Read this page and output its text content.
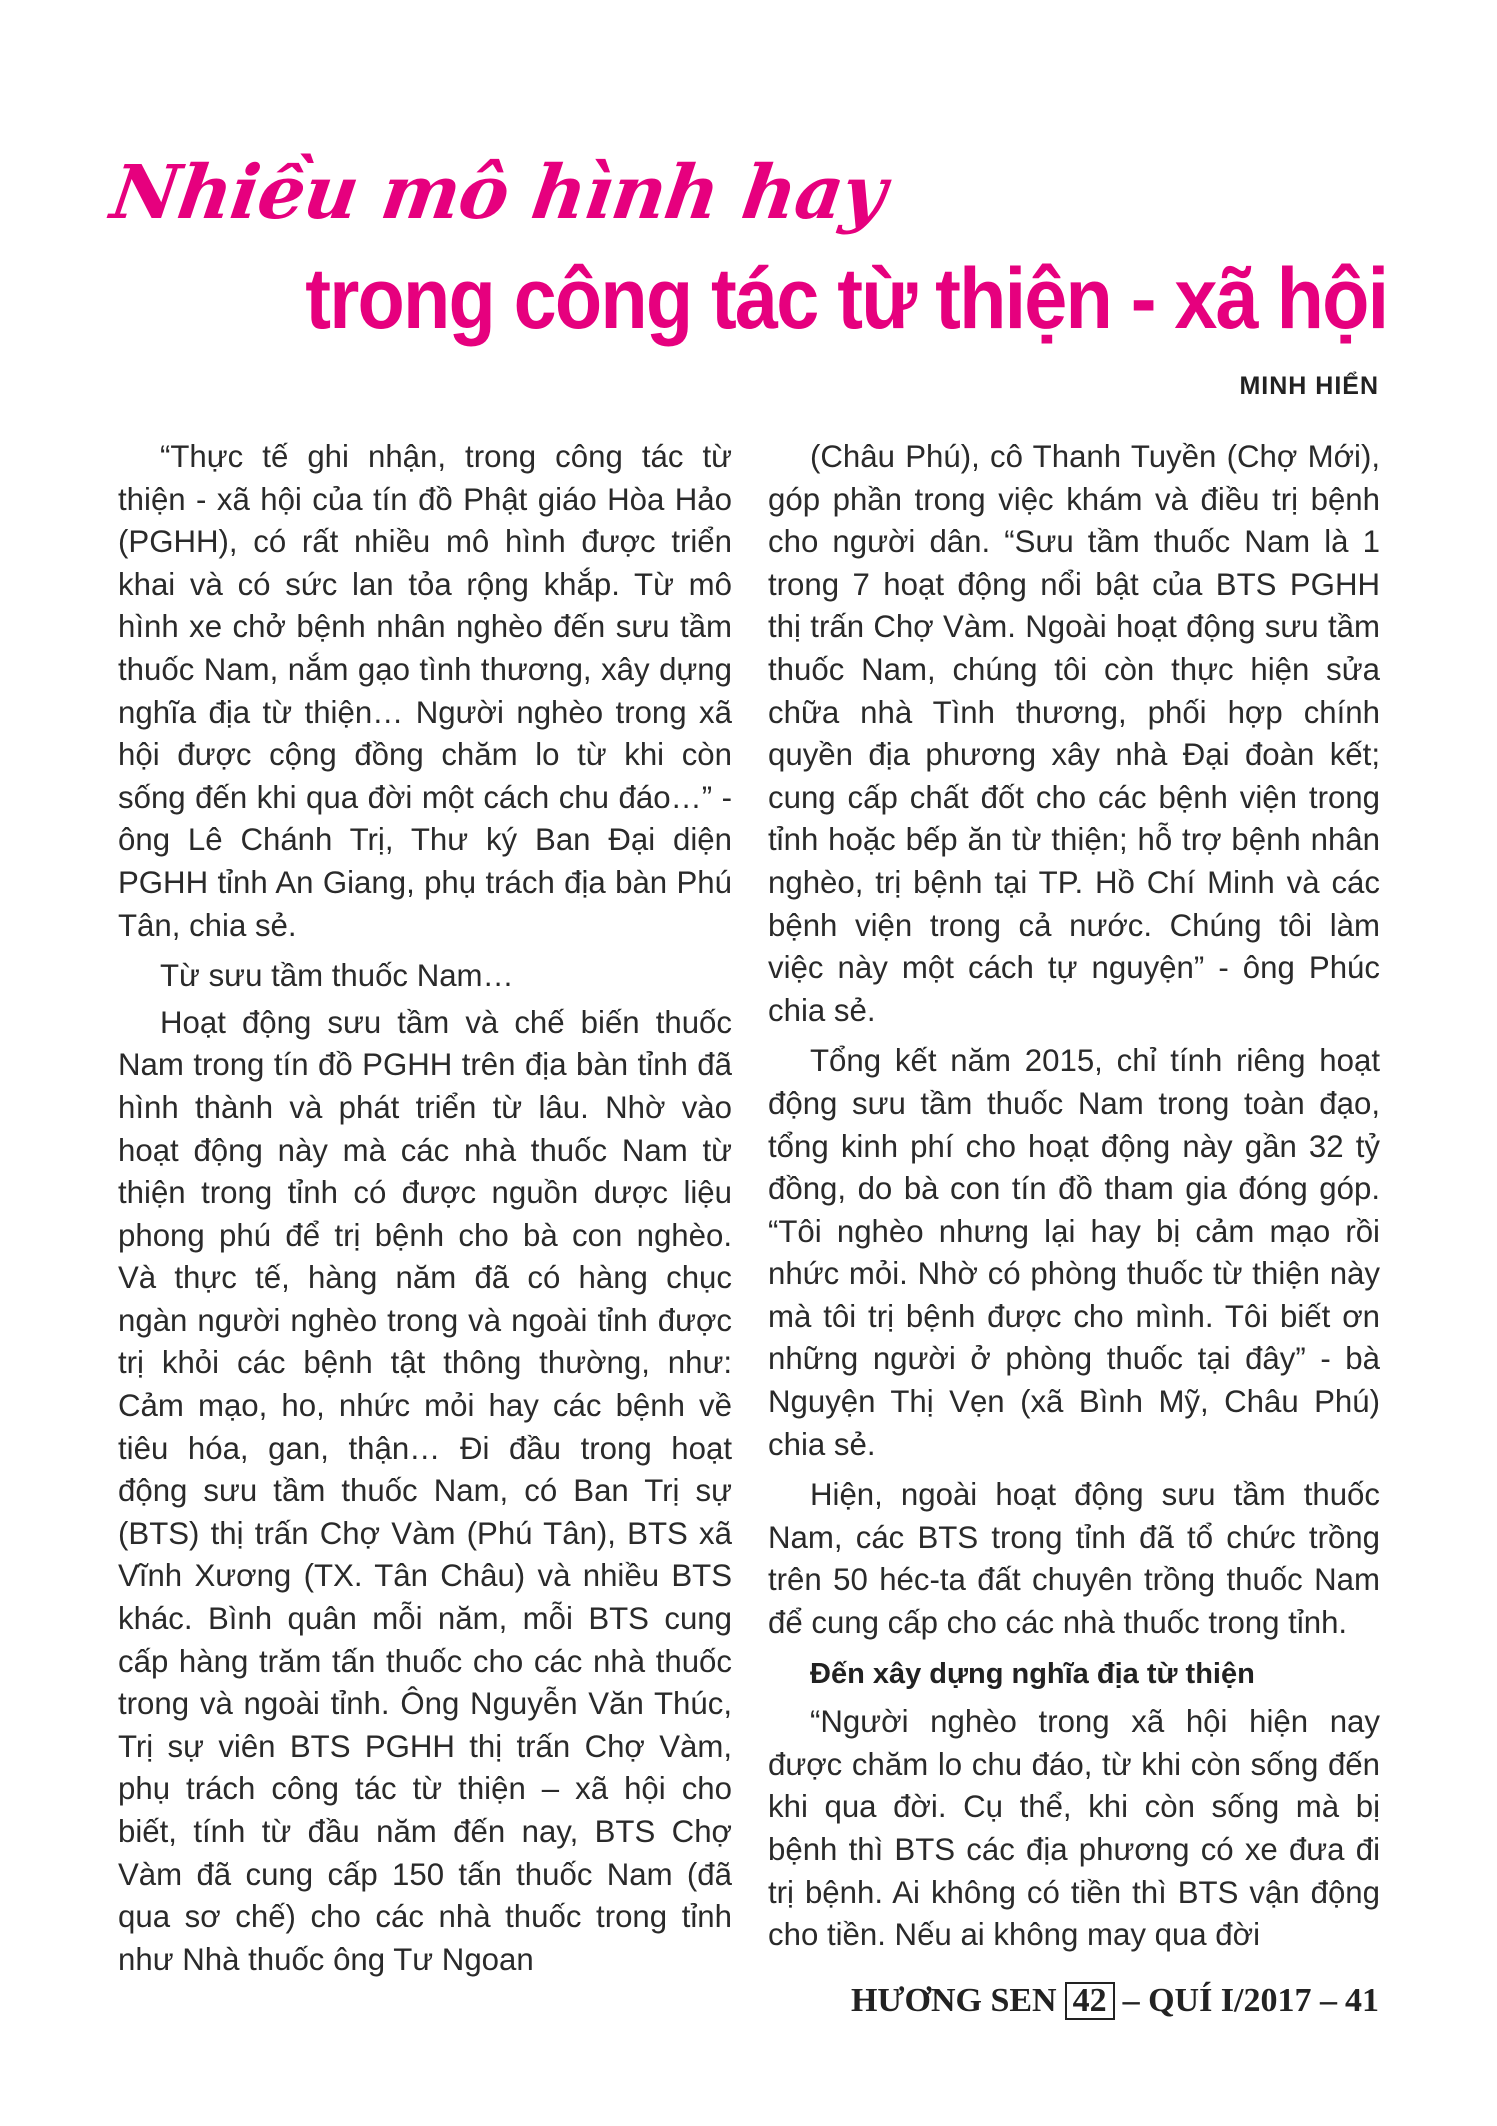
Nhiều mô hình hay
trong công tác từ thiện - xã hội
MINH HIỂN

“Thực tế ghi nhận, trong công tác từ thiện - xã hội của tín đồ Phật giáo Hòa Hảo (PGHH), có rất nhiều mô hình được triển khai và có sức lan tỏa rộng khắp. Từ mô hình xe chở bệnh nhân nghèo đến sưu tầm thuốc Nam, nắm gạo tình thương, xây dựng nghĩa địa từ thiện… Người nghèo trong xã hội được cộng đồng chăm lo từ khi còn sống đến khi qua đời một cách chu đáo…” - ông Lê Chánh Trị, Thư ký Ban Đại diện PGHH tỉnh An Giang, phụ trách địa bàn Phú Tân, chia sẻ.

Từ sưu tầm thuốc Nam…

Hoạt động sưu tầm và chế biến thuốc Nam trong tín đồ PGHH trên địa bàn tỉnh đã hình thành và phát triển từ lâu. Nhờ vào hoạt động này mà các nhà thuốc Nam từ thiện trong tỉnh có được nguồn dược liệu phong phú để trị bệnh cho bà con nghèo. Và thực tế, hàng năm đã có hàng chục ngàn người nghèo trong và ngoài tỉnh được trị khỏi các bệnh tật thông thường, như: Cảm mạo, ho, nhức mỏi hay các bệnh về tiêu hóa, gan, thận… Đi đầu trong hoạt động sưu tầm thuốc Nam, có Ban Trị sự (BTS) thị trấn Chợ Vàm (Phú Tân), BTS xã Vĩnh Xương (TX. Tân Châu) và nhiều BTS khác. Bình quân mỗi năm, mỗi BTS cung cấp hàng trăm tấn thuốc cho các nhà thuốc trong và ngoài tỉnh. Ông Nguyễn Văn Thúc, Trị sự viên BTS PGHH thị trấn Chợ Vàm, phụ trách công tác từ thiện – xã hội cho biết, tính từ đầu năm đến nay, BTS Chợ Vàm đã cung cấp 150 tấn thuốc Nam (đã qua sơ chế) cho các nhà thuốc trong tỉnh như Nhà thuốc ông Tư Ngoan

(Châu Phú), cô Thanh Tuyền (Chợ Mới), góp phần trong việc khám và điều trị bệnh cho người dân. “Sưu tầm thuốc Nam là 1 trong 7 hoạt động nổi bật của BTS PGHH thị trấn Chợ Vàm. Ngoài hoạt động sưu tầm thuốc Nam, chúng tôi còn thực hiện sửa chữa nhà Tình thương, phối hợp chính quyền địa phương xây nhà Đại đoàn kết; cung cấp chất đốt cho các bệnh viện trong tỉnh hoặc bếp ăn từ thiện; hỗ trợ bệnh nhân nghèo, trị bệnh tại TP. Hồ Chí Minh và các bệnh viện trong cả nước. Chúng tôi làm việc này một cách tự nguyện” - ông Phúc chia sẻ.

Tổng kết năm 2015, chỉ tính riêng hoạt động sưu tầm thuốc Nam trong toàn đạo, tổng kinh phí cho hoạt động này gần 32 tỷ đồng, do bà con tín đồ tham gia đóng góp. “Tôi nghèo nhưng lại hay bị cảm mạo rồi nhức mỏi. Nhờ có phòng thuốc từ thiện này mà tôi trị bệnh được cho mình. Tôi biết ơn những người ở phòng thuốc tại đây” - bà Nguyện Thị Vẹn (xã Bình Mỹ, Châu Phú) chia sẻ.

Hiện, ngoài hoạt động sưu tầm thuốc Nam, các BTS trong tỉnh đã tổ chức trồng trên 50 héc-ta đất chuyên trồng thuốc Nam để cung cấp cho các nhà thuốc trong tỉnh.

Đến xây dựng nghĩa địa từ thiện

“Người nghèo trong xã hội hiện nay được chăm lo chu đáo, từ khi còn sống đến khi qua đời. Cụ thể, khi còn sống mà bị bệnh thì BTS các địa phương có xe đưa đi trị bệnh. Ai không có tiền thì BTS vận động cho tiền. Nếu ai không may qua đời

HƯƠNG SEN 42 – QUÍ I/2017 – 41
